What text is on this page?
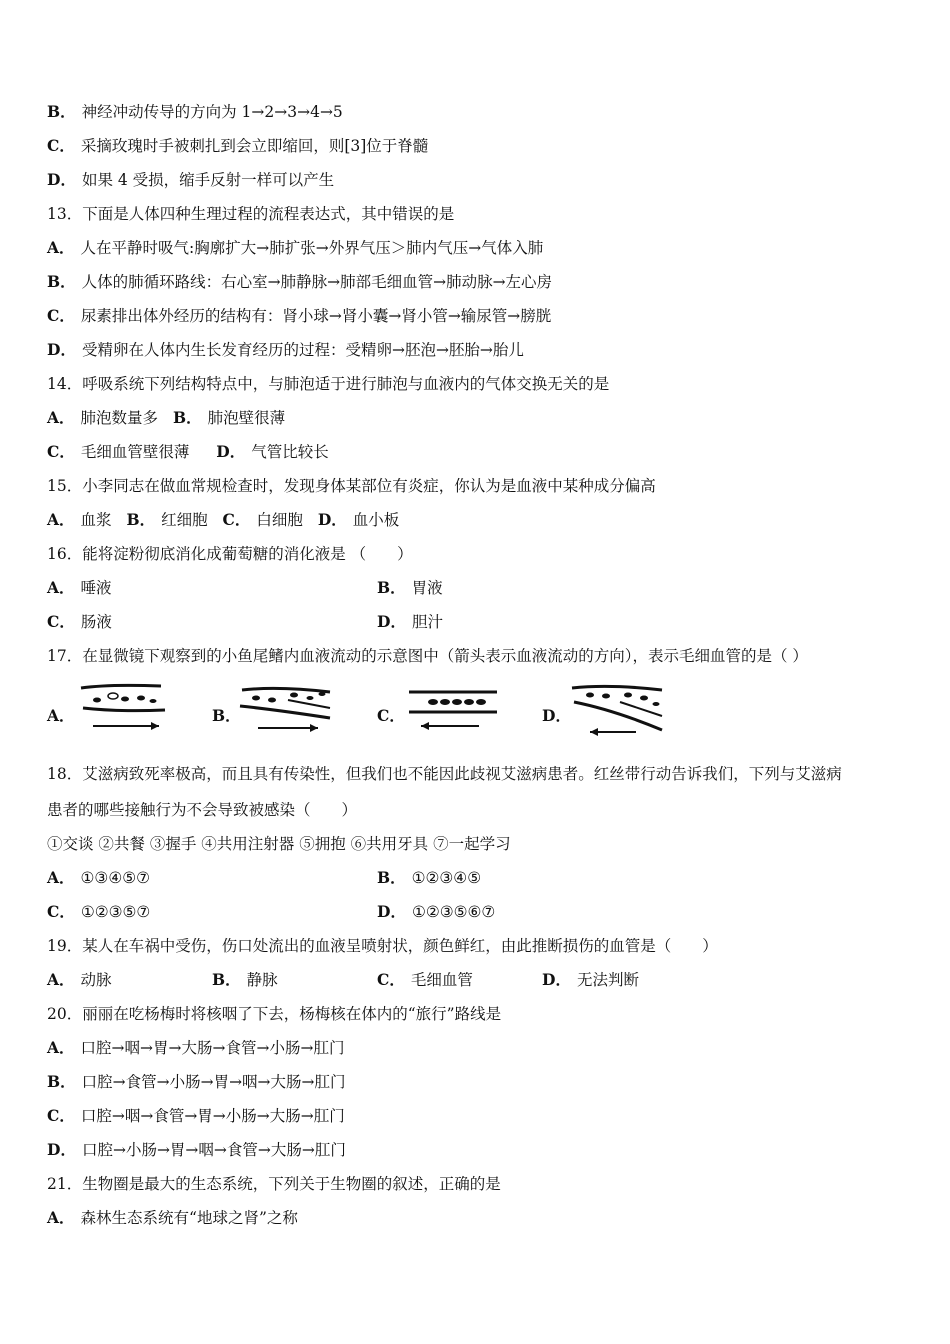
B． 神经冲动传导的方向为 1→2→3→4→5
C． 采摘玫瑰时手被刺扎到会立即缩回，则[3]位于脊髓
D． 如果 4 受损，缩手反射一样可以产生
13．下面是人体四种生理过程的流程表达式，其中错误的是
A． 人在平静时吸气:胸廓扩大→肺扩张→外界气压＞肺内气压→气体入肺
B． 人体的肺循环路线：右心室→肺静脉→肺部毛细血管→肺动脉→左心房
C． 尿素排出体外经历的结构有：肾小球→肾小囊→肾小管→输尿管→膀胱
D． 受精卵在人体内生长发育经历的过程：受精卵→胚泡→胚胎→胎儿
14．呼吸系统下列结构特点中，与肺泡适于进行肺泡与血液内的气体交换无关的是
A． 肺泡数量多 B． 肺泡壁很薄
C． 毛细血管壁很薄 D． 气管比较长
15．小李同志在做血常规检查时，发现身体某部位有炎症，你认为是血液中某种成分偏高
A． 血浆 B． 红细胞 C． 白细胞 D． 血小板
16．能将淀粉彻底消化成葡萄糖的消化液是 （　　）
A． 唾液	B． 胃液
C． 肠液	D． 胆汁
17．在显微镜下观察到的小鱼尾鳍内血液流动的示意图中（箭头表示血液流动的方向），表示毛细血管的是（ ）
A．	B．	C．	D．
18．艾滋病致死率极高，而且具有传染性，但我们也不能因此歧视艾滋病患者。红丝带行动告诉我们，下列与艾滋病
患者的哪些接触行为不会导致被感染（　　）
①交谈 ②共餐 ③握手 ④共用注射器 ⑤拥抱 ⑥共用牙具 ⑦一起学习
A． ①③④⑤⑦	B． ①②③④⑤
C． ①②③⑤⑦	D． ①②③⑤⑥⑦
19．某人在车祸中受伤，伤口处流出的血液呈喷射状，颜色鲜红，由此推断损伤的血管是（　　）
A． 动脉	B． 静脉	C． 毛细血管	D． 无法判断
20．丽丽在吃杨梅时将核咽了下去，杨梅核在体内的“旅行”路线是
A． 口腔→咽→胃→大肠→食管→小肠→肛门
B． 口腔→食管→小肠→胃→咽→大肠→肛门
C． 口腔→咽→食管→胃→小肠→大肠→肛门
D． 口腔→小肠→胃→咽→食管→大肠→肛门
21．生物圈是最大的生态系统，下列关于生物圈的叙述，正确的是
A． 森林生态系统有“地球之肾”之称
